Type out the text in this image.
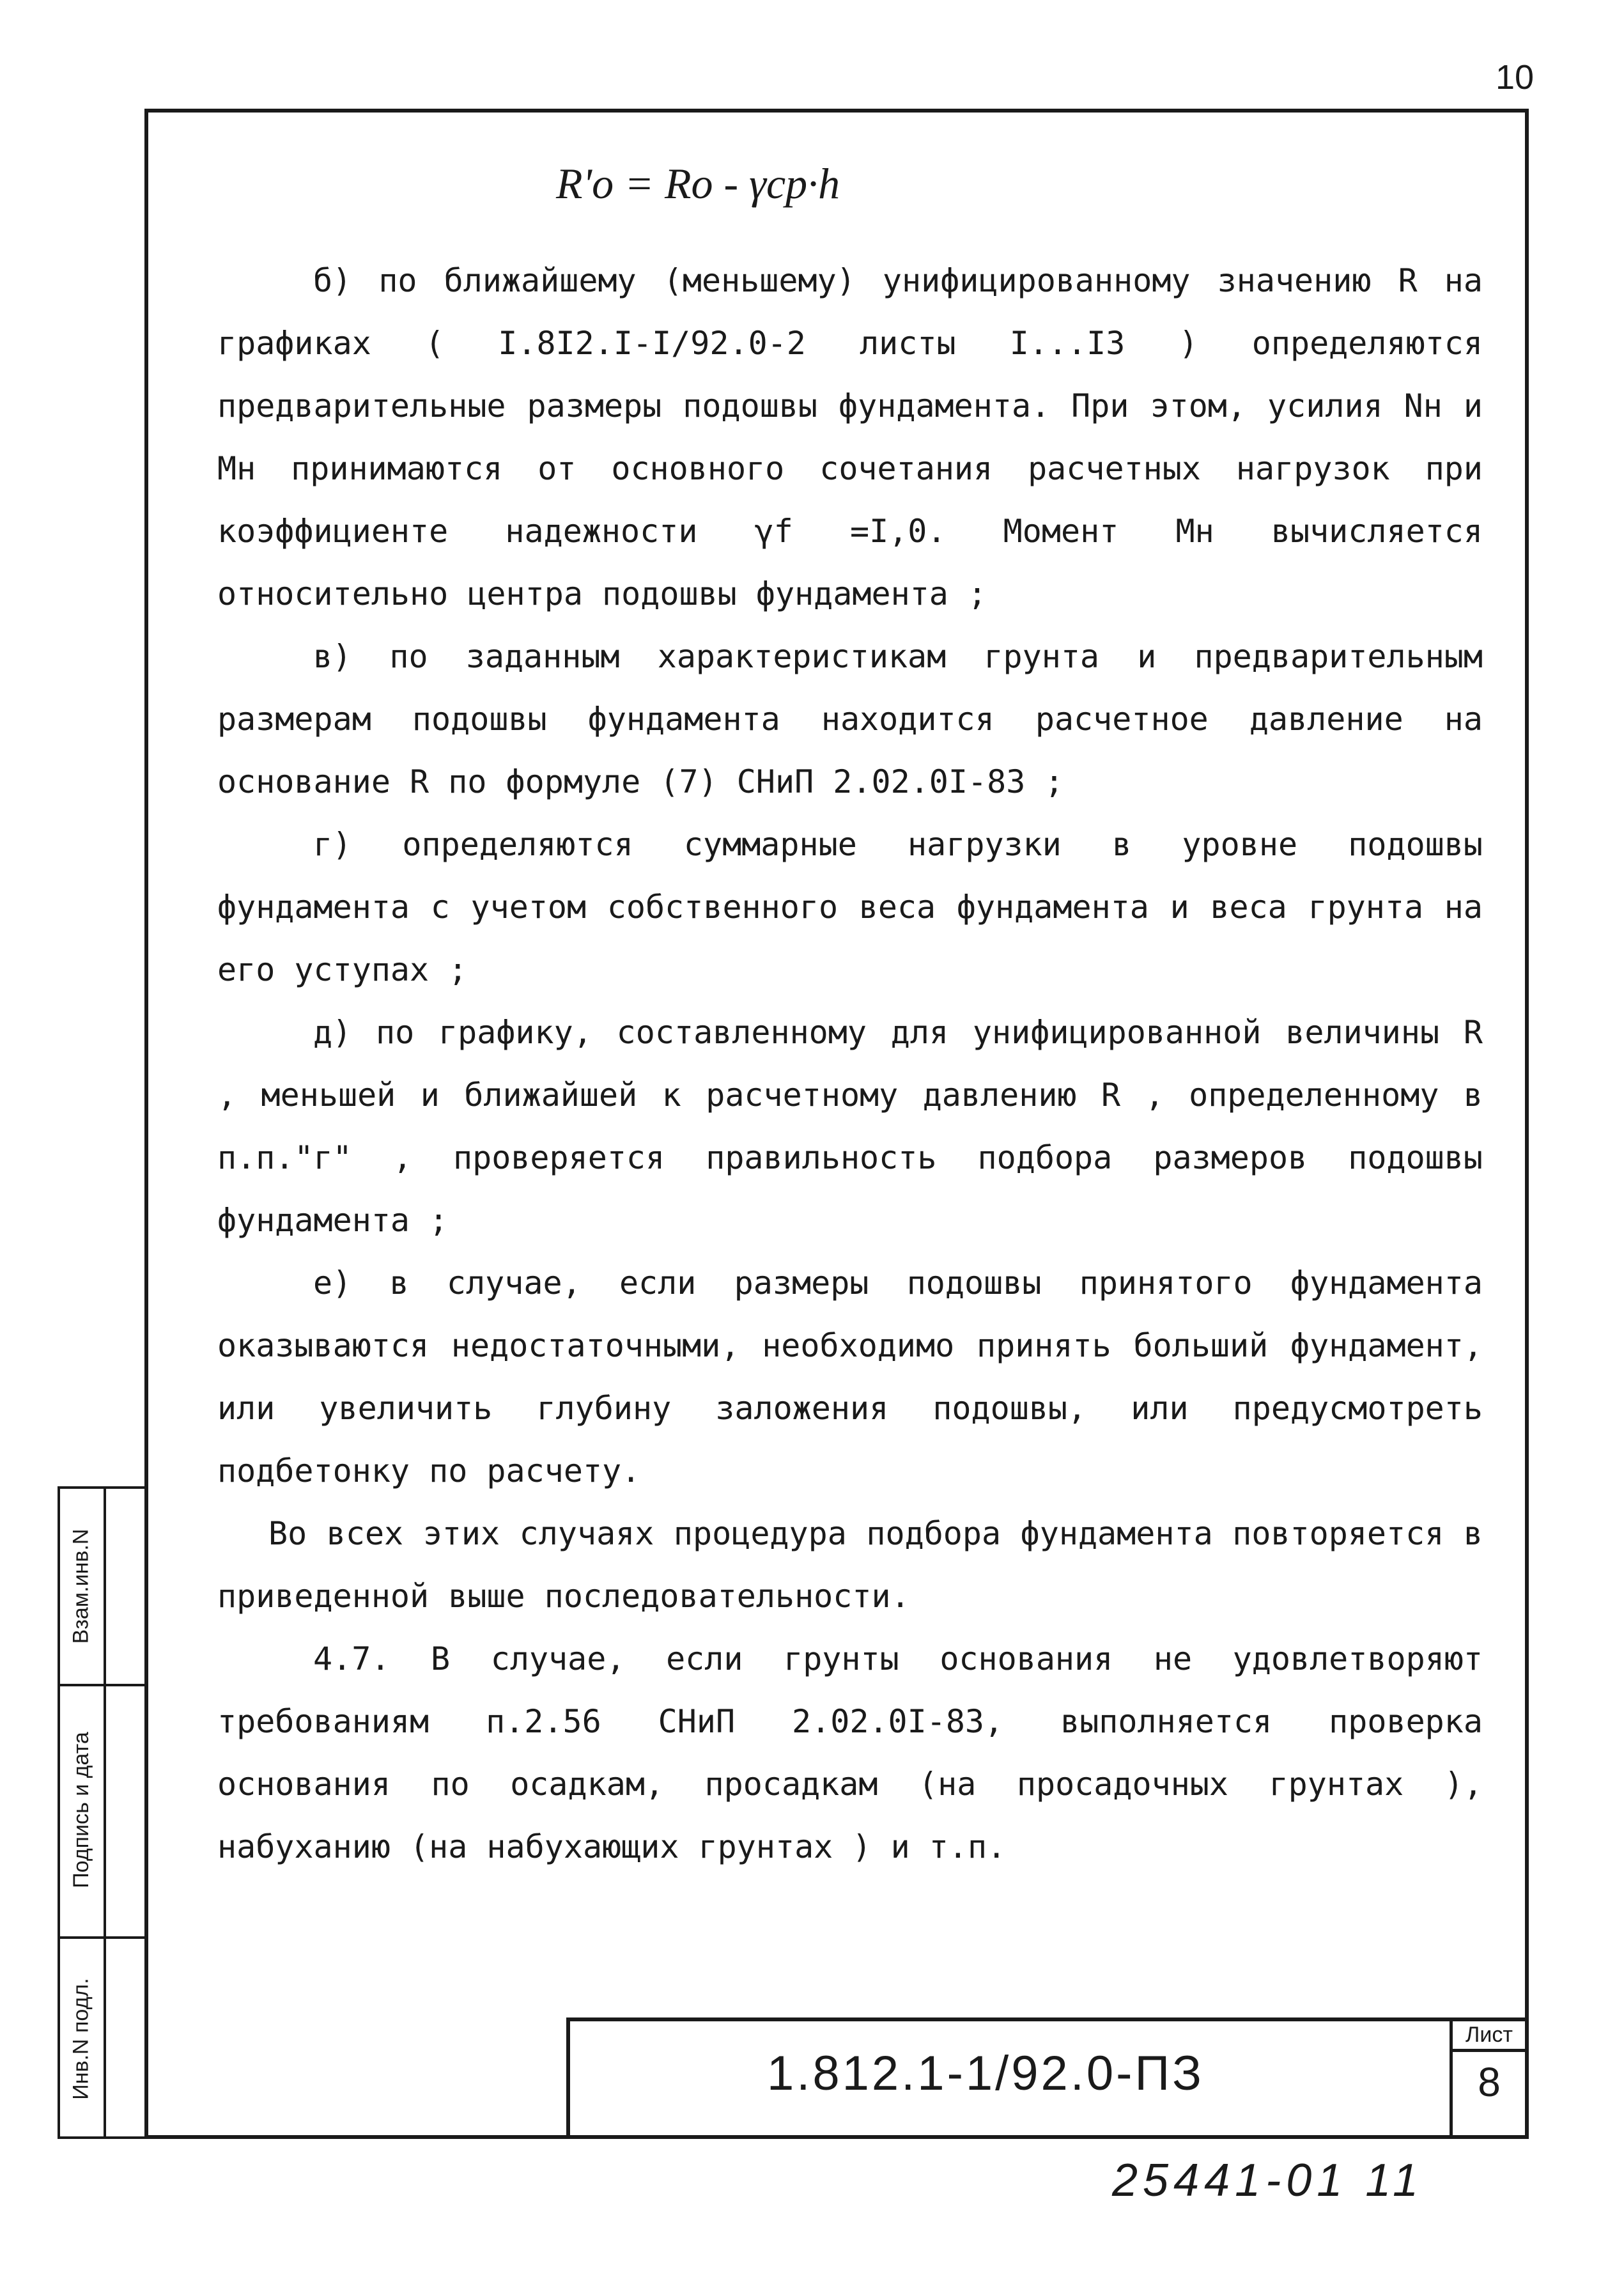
10
R'o = Ro - γср·h

б) по ближайшему (меньшему) унифицированному значению R на графиках ( I.8I2.I-I/92.0-2 листы I...I3 ) определяются предварительные размеры подошвы фундамента. При этом, усилия Nн и Mн принимаются от основного сочетания расчетных нагрузок при коэффициенте надежности γf =I,0. Момент Mн вычисляется относительно центра подошвы фундамента ;

в) по заданным характеристикам грунта и предварительным размерам подошвы фундамента находится расчетное давление на основание R по формуле (7) СНиП 2.02.0I-83 ;

г) определяются суммарные нагрузки в уровне подошвы фундамента с учетом собственного веса фундамента и веса грунта на его уступах ;

д) по графику, составленному для унифицированной величины R , меньшей и ближайшей к расчетному давлению R , определенному в п.п."г" , проверяется правильность подбора размеров подошвы фундамента ;

е) в случае, если размеры подошвы принятого фундамента оказываются недостаточными, необходимо принять больший фундамент, или увеличить глубину заложения подошвы, или предусмотреть подбетонку по расчету.

Во всех этих случаях процедура подбора фундамента повторяется в приведенной выше последовательности.

4.7. В случае, если грунты основания не удовлетворяют требованиям п.2.56 СНиП 2.02.0I-83, выполняется проверка основания по осадкам, просадкам (на просадочных грунтах ), набуханию (на набухающих грунтах ) и т.п.

Взам.инв.N
Подпись и дата
Инв.N подл.	1.812.1-1/92.0-ПЗ
Лист
8
25441-01 11
